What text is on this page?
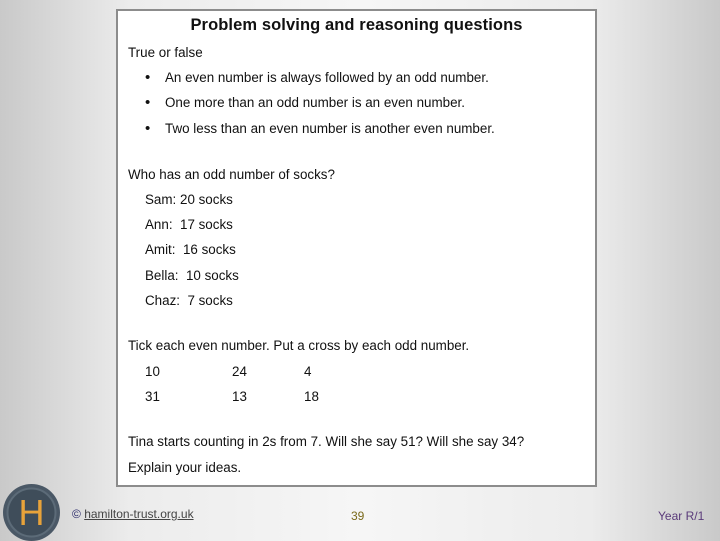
Problem solving and reasoning questions
True or false
• An even number is always followed by an odd number.
• One more than an odd number is an even number.
• Two less than an even number is another even number.
Who has an odd number of socks?
Sam: 20 socks
Ann: 17 socks
Amit: 16 socks
Bella: 10 socks
Chaz: 7 socks
Tick each even number. Put a cross by each odd number.
10	24	4
31	13	18
Tina starts counting in 2s from 7. Will she say 51? Will she say 34?
Explain your ideas.
H © hamilton-trust.org.uk	39	Year R/1
